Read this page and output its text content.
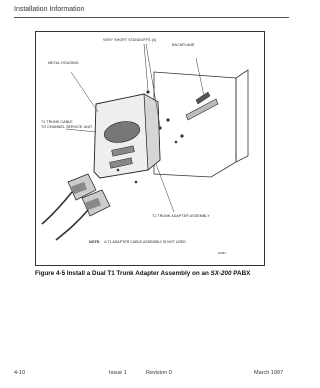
Installation Information
VERY SHORT STANDOFFS (4)
BACKPLANE
METAL HOUSING
T1 TRUNK CABLE
TO CHANNEL SERVICE UNIT
T1 TRUNK ADAPTER ASSEMBLY
NOTE: A T1 ADAPTER CABLE ASSEMBLY IS NOT USED
02484
Figure 4-5 Install a Dual T1 Trunk Adapter Assembly on an SX-200 PABX
4-10	Issue 1	Revision 0	March 1997
